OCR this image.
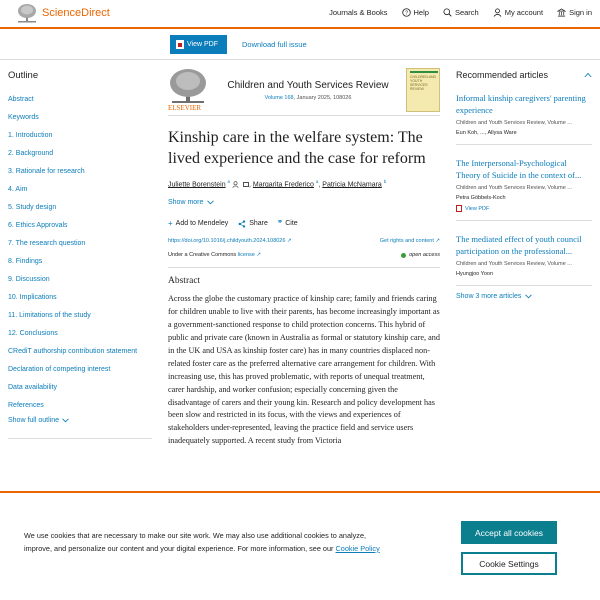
ScienceDirect	Journals & Books	? Help	Search	My account	Sign in
View PDF	Download full issue
Outline
Abstract
Keywords
1. Introduction
2. Background
3. Rationale for research
4. Aim
5. Study design
6. Ethics Approvals
7. The research question
8. Findings
9. Discussion
10. Implications
11. Limitations of the study
12. Conclusions
CRediT authorship contribution statement
Declaration of competing interest
Data availability
References
Show full outline
ELSEVIER
Children and Youth Services Review
Volume 168, January 2025, 108026
CHILDREN AND YOUTH SERVICES REVIEW
Kinship care in the welfare system: The lived experience and the case for reform
Juliette Borenstein $^a$	, Margarita Frederico $^a$, Patricia McNamara $^b$
Show more
+ Add to Mendeley	Share ❞ Cite
https://doi.org/10.1016/j.childyouth.2024.108026 ↗	Get rights and content ↗
Under a Creative Commons license ↗	open access
Abstract

Across the globe the customary practice of kinship care; family and friends caring for children unable to live with their parents, has become increasingly important as a government-sanctioned response to child protection concerns. This hybrid of public and private care (known in Australia as formal or statutory kinship care, and in the UK and USA as kinship foster care) has in many countries displaced non-related foster care as the preferred alternative care arrangement for children. With increasing use, this has proved problematic, with reports of unequal treatment, carer hardship, and worker confusion; especially concerning given the disadvantage of carers and their young kin. Research and policy development has been slow and restricted in its focus, with the views and experiences of stakeholders under-represented, leaving the practice field and service users inadequately supported. A recent study from Victoria

Recommended articles
Informal kinship caregivers' parenting experience
Children and Youth Services Review, Volume ...
Eun Koh, ..., Allysa Ware
The Interpersonal-Psychological Theory of Suicide in the context of...
Children and Youth Services Review, Volume ...
Petra Göbbels-Koch
View PDF
The mediated effect of youth council participation on the professional...
Children and Youth Services Review, Volume ...
Hyungjoo Yoon
Show 3 more articles

We use cookies that are necessary to make our site work. We may also use additional cookies to analyze, improve, and personalize our content and your digital experience. For more information, see our Cookie Policy

Accept all cookies
Cookie Settings
